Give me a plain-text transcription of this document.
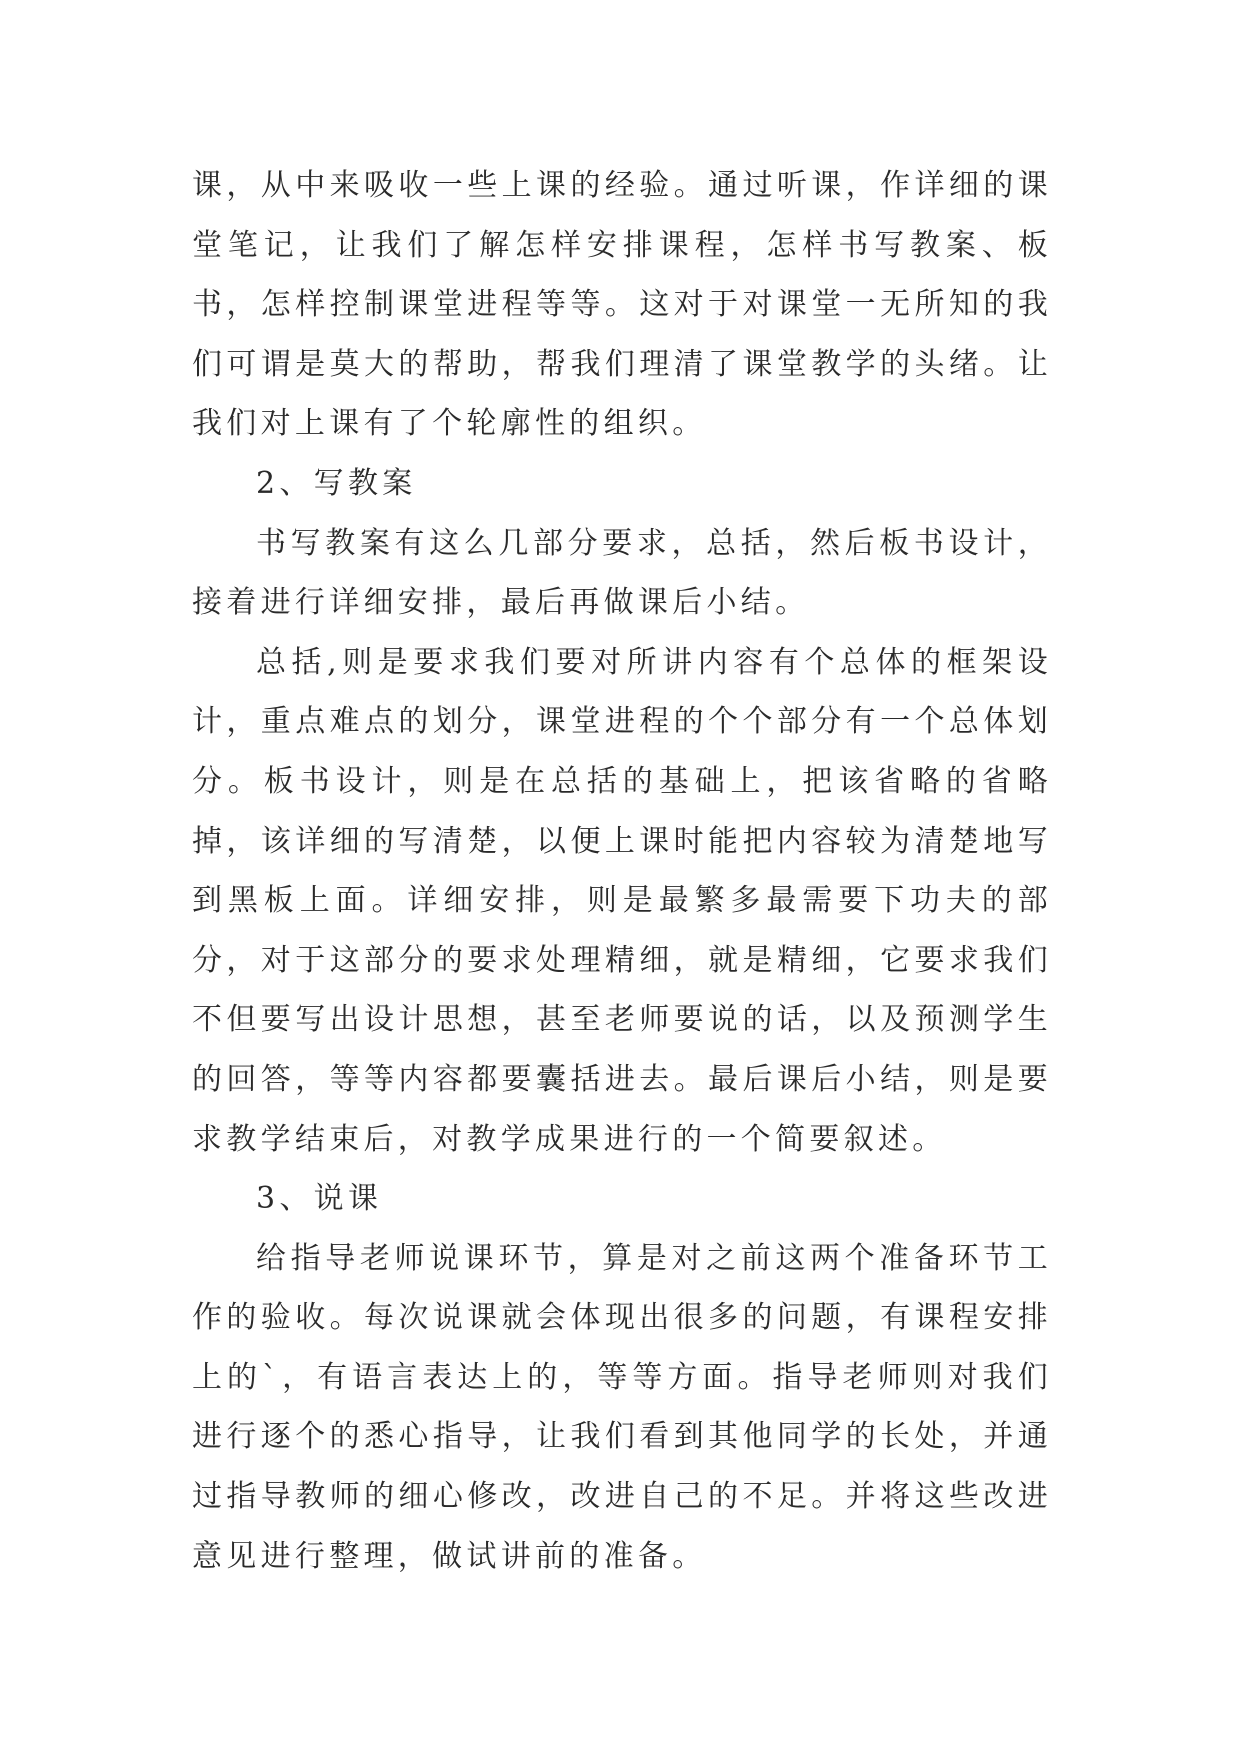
课，从中来吸收一些上课的经验。通过听课，作详细的课堂笔记，让我们了解怎样安排课程，怎样书写教案、板书，怎样控制课堂进程等等。这对于对课堂一无所知的我们可谓是莫大的帮助，帮我们理清了课堂教学的头绪。让我们对上课有了个轮廓性的组织。

2、写教案

书写教案有这么几部分要求，总括，然后板书设计，接着进行详细安排，最后再做课后小结。

总括,则是要求我们要对所讲内容有个总体的框架设计，重点难点的划分，课堂进程的个个部分有一个总体划分。板书设计，则是在总括的基础上，把该省略的省略掉，该详细的写清楚，以便上课时能把内容较为清楚地写到黑板上面。详细安排，则是最繁多最需要下功夫的部分，对于这部分的要求处理精细，就是精细，它要求我们不但要写出设计思想，甚至老师要说的话，以及预测学生的回答，等等内容都要囊括进去。最后课后小结，则是要求教学结束后，对教学成果进行的一个简要叙述。

3、说课

给指导老师说课环节，算是对之前这两个准备环节工作的验收。每次说课就会体现出很多的问题，有课程安排上的`，有语言表达上的，等等方面。指导老师则对我们进行逐个的悉心指导，让我们看到其他同学的长处，并通过指导教师的细心修改，改进自己的不足。并将这些改进意见进行整理，做试讲前的准备。
